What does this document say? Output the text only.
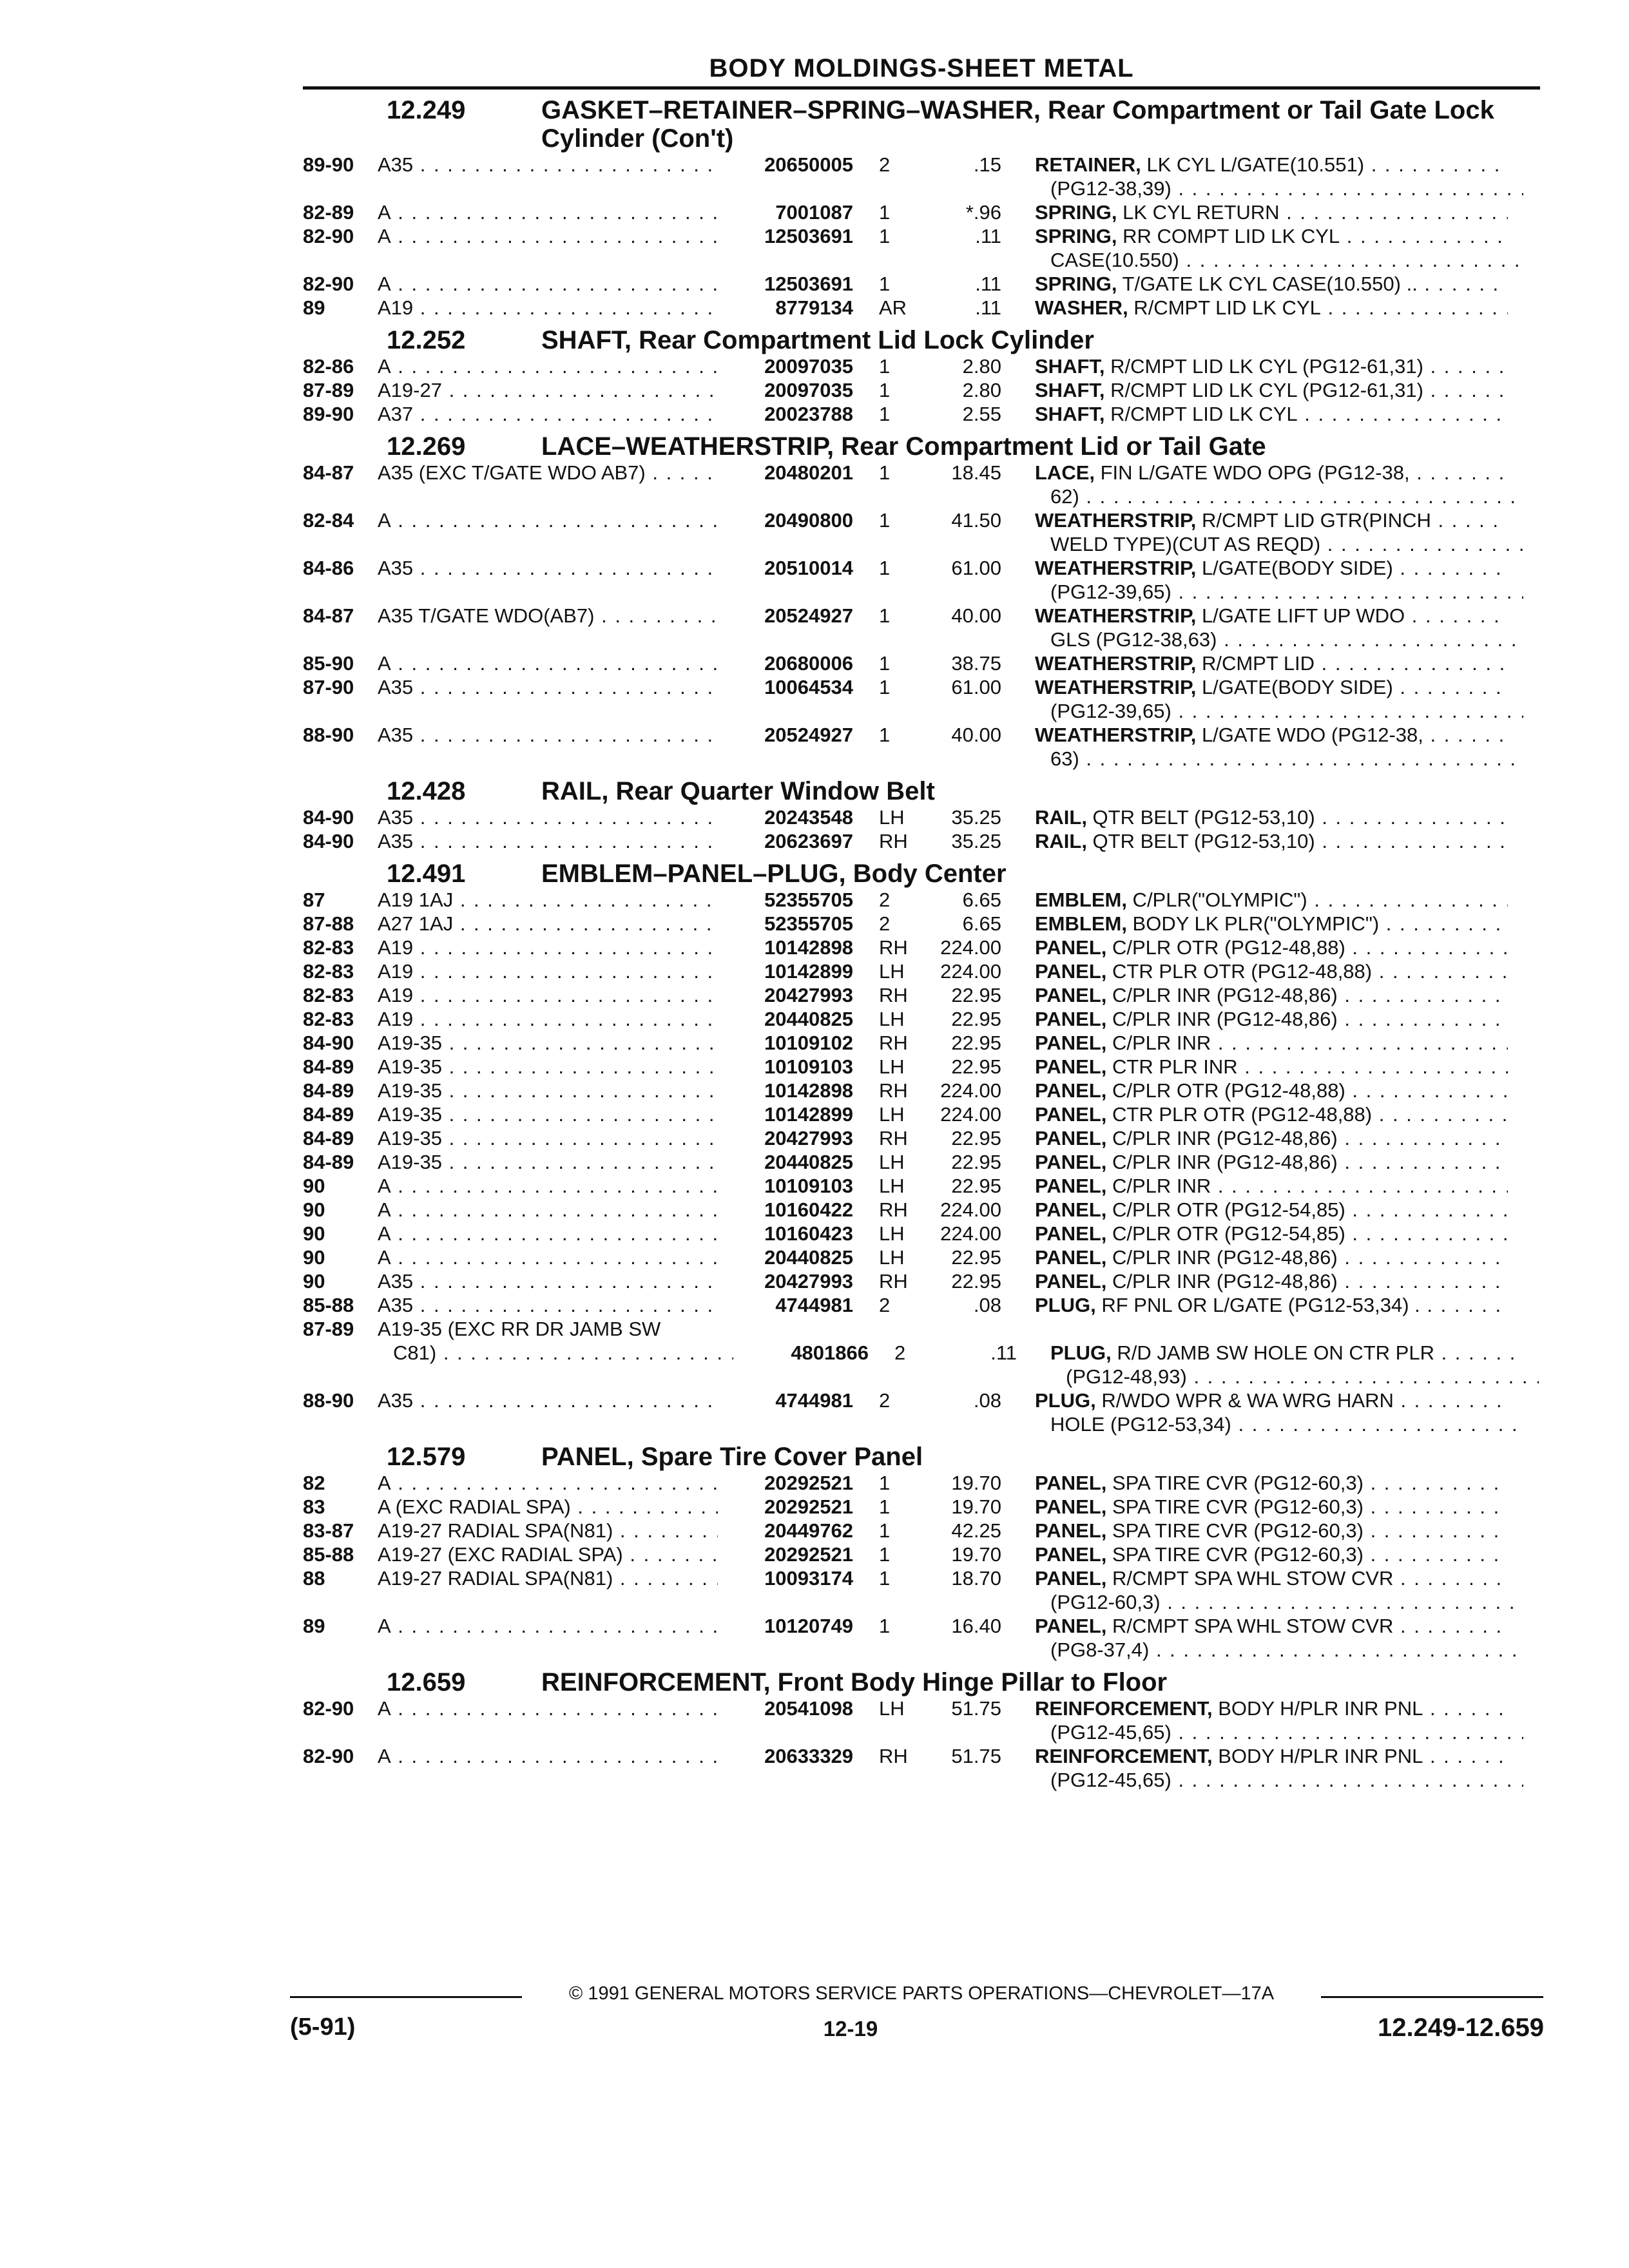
BODY MOLDINGS-SHEET METAL
12.249	GASKET–RETAINER–SPRING–WASHER, Rear Compartment or Tail Gate Lock Cylinder (Con't)
89-90	A35 . . .	20650005	2	.15 RETAINER, LK CYL L/GATE(10.551) . . .
(PG12-38,39) . . .
82-89	A . . .	7001087	1	*.96 SPRING, LK CYL RETURN . . .
82-90	A . . .	12503691	1	.11 SPRING, RR COMPT LID LK CYL . . .
CASE(10.550) . . .
82-90	A . . .	12503691	1	.11 SPRING, T/GATE LK CYL CASE(10.550) .. . . .
89	A19 . . .	8779134	AR	.11 WASHER, R/CMPT LID LK CYL . . .
12.252	SHAFT, Rear Compartment Lid Lock Cylinder
82-86	A . . .	20097035	1	2.80 SHAFT, R/CMPT LID LK CYL (PG12-61,31) . . .
87-89	A19-27 . . .	20097035	1	2.80 SHAFT, R/CMPT LID LK CYL (PG12-61,31) . . .
89-90	A37 . . .	20023788	1	2.55 SHAFT, R/CMPT LID LK CYL . . .
12.269	LACE–WEATHERSTRIP, Rear Compartment Lid or Tail Gate
84-87	A35 (EXC T/GATE WDO AB7) . . .	20480201	1	18.45 LACE, FIN L/GATE WDO OPG (PG12-38, . . .
62) . . .
82-84	A . . .	20490800	1	41.50 WEATHERSTRIP, R/CMPT LID GTR(PINCH . . .
WELD TYPE)(CUT AS REQD) . . .
84-86	A35 . . .	20510014	1	61.00 WEATHERSTRIP, L/GATE(BODY SIDE) . . .
(PG12-39,65) . . .
84-87	A35 T/GATE WDO(AB7) . . .	20524927	1	40.00 WEATHERSTRIP, L/GATE LIFT UP WDO . . .
GLS (PG12-38,63) . . .
85-90	A . . .	20680006	1	38.75 WEATHERSTRIP, R/CMPT LID . . .
87-90	A35 . . .	10064534	1	61.00 WEATHERSTRIP, L/GATE(BODY SIDE) . . .
(PG12-39,65) . . .
88-90	A35 . . .	20524927	1	40.00 WEATHERSTRIP, L/GATE WDO (PG12-38, . . .
63) . . .
12.428	RAIL, Rear Quarter Window Belt
84-90	A35 . . .	20243548	LH	35.25 RAIL, QTR BELT (PG12-53,10) . . .
84-90	A35 . . .	20623697	RH	35.25 RAIL, QTR BELT (PG12-53,10) . . .
12.491	EMBLEM–PANEL–PLUG, Body Center
87	A19 1AJ . . .	52355705	2	6.65 EMBLEM, C/PLR("OLYMPIC") . . .
87-88	A27 1AJ . . .	52355705	2	6.65 EMBLEM, BODY LK PLR("OLYMPIC") . . .
82-83	A19 . . .	10142898	RH	224.00 PANEL, C/PLR OTR (PG12-48,88) . . .
82-83	A19 . . .	10142899	LH	224.00 PANEL, CTR PLR OTR (PG12-48,88) . . .
82-83	A19 . . .	20427993	RH	22.95 PANEL, C/PLR INR (PG12-48,86) . . .
82-83	A19 . . .	20440825	LH	22.95 PANEL, C/PLR INR (PG12-48,86) . . .
84-90	A19-35 . . .	10109102	RH	22.95 PANEL, C/PLR INR . . .
84-89	A19-35 . . .	10109103	LH	22.95 PANEL, CTR PLR INR . . .
84-89	A19-35 . . .	10142898	RH	224.00 PANEL, C/PLR OTR (PG12-48,88) . . .
84-89	A19-35 . . .	10142899	LH	224.00 PANEL, CTR PLR OTR (PG12-48,88) . . .
84-89	A19-35 . . .	20427993	RH	22.95 PANEL, C/PLR INR (PG12-48,86) . . .
84-89	A19-35 . . .	20440825	LH	22.95 PANEL, C/PLR INR (PG12-48,86) . . .
90	A . . .	10109103	LH	22.95 PANEL, C/PLR INR . . .
90	A . . .	10160422	RH	224.00 PANEL, C/PLR OTR (PG12-54,85) . . .
90	A . . .	10160423	LH	224.00 PANEL, C/PLR OTR (PG12-54,85) . . .
90	A . . .	20440825	LH	22.95 PANEL, C/PLR INR (PG12-48,86) . . .
90	A35 . . .	20427993	RH	22.95 PANEL, C/PLR INR (PG12-48,86) . . .
85-88	A35 . . .	4744981	2	.08 PLUG, RF PNL OR L/GATE (PG12-53,34) . . . .
87-89	A19-35 (EXC RR DR JAMB SW
C81) . . .	4801866	2	.11 PLUG, R/D JAMB SW HOLE ON CTR PLR . . .
(PG12-48,93) . . .
88-90	A35 . . .	4744981	2	.08 PLUG, R/WDO WPR & WA WRG HARN . . .
HOLE (PG12-53,34) . . .
12.579	PANEL, Spare Tire Cover Panel
82	A . . .	20292521	1	19.70 PANEL, SPA TIRE CVR (PG12-60,3) . . .
83	A (EXC RADIAL SPA) . . .	20292521	1	19.70 PANEL, SPA TIRE CVR (PG12-60,3) . . .
83-87	A19-27 RADIAL SPA(N81) . . .	20449762	1	42.25 PANEL, SPA TIRE CVR (PG12-60,3) . . .
85-88	A19-27 (EXC RADIAL SPA) . . .	20292521	1	19.70 PANEL, SPA TIRE CVR (PG12-60,3) . . .
88	A19-27 RADIAL SPA(N81) . . .	10093174	1	18.70 PANEL, R/CMPT SPA WHL STOW CVR . . .
(PG12-60,3) . . .
89	A . . .	10120749	1	16.40 PANEL, R/CMPT SPA WHL STOW CVR . . .
(PG8-37,4) . . .
12.659	REINFORCEMENT, Front Body Hinge Pillar to Floor
82-90	A . . .	20541098	LH	51.75 REINFORCEMENT, BODY H/PLR INR PNL . . .
(PG12-45,65) . . .
82-90	A . . .	20633329	RH	51.75 REINFORCEMENT, BODY H/PLR INR PNL . . .
(PG12-45,65) . . .
© 1991 GENERAL MOTORS SERVICE PARTS OPERATIONS—CHEVROLET—17A
(5-91)	12-19	12.249-12.659
